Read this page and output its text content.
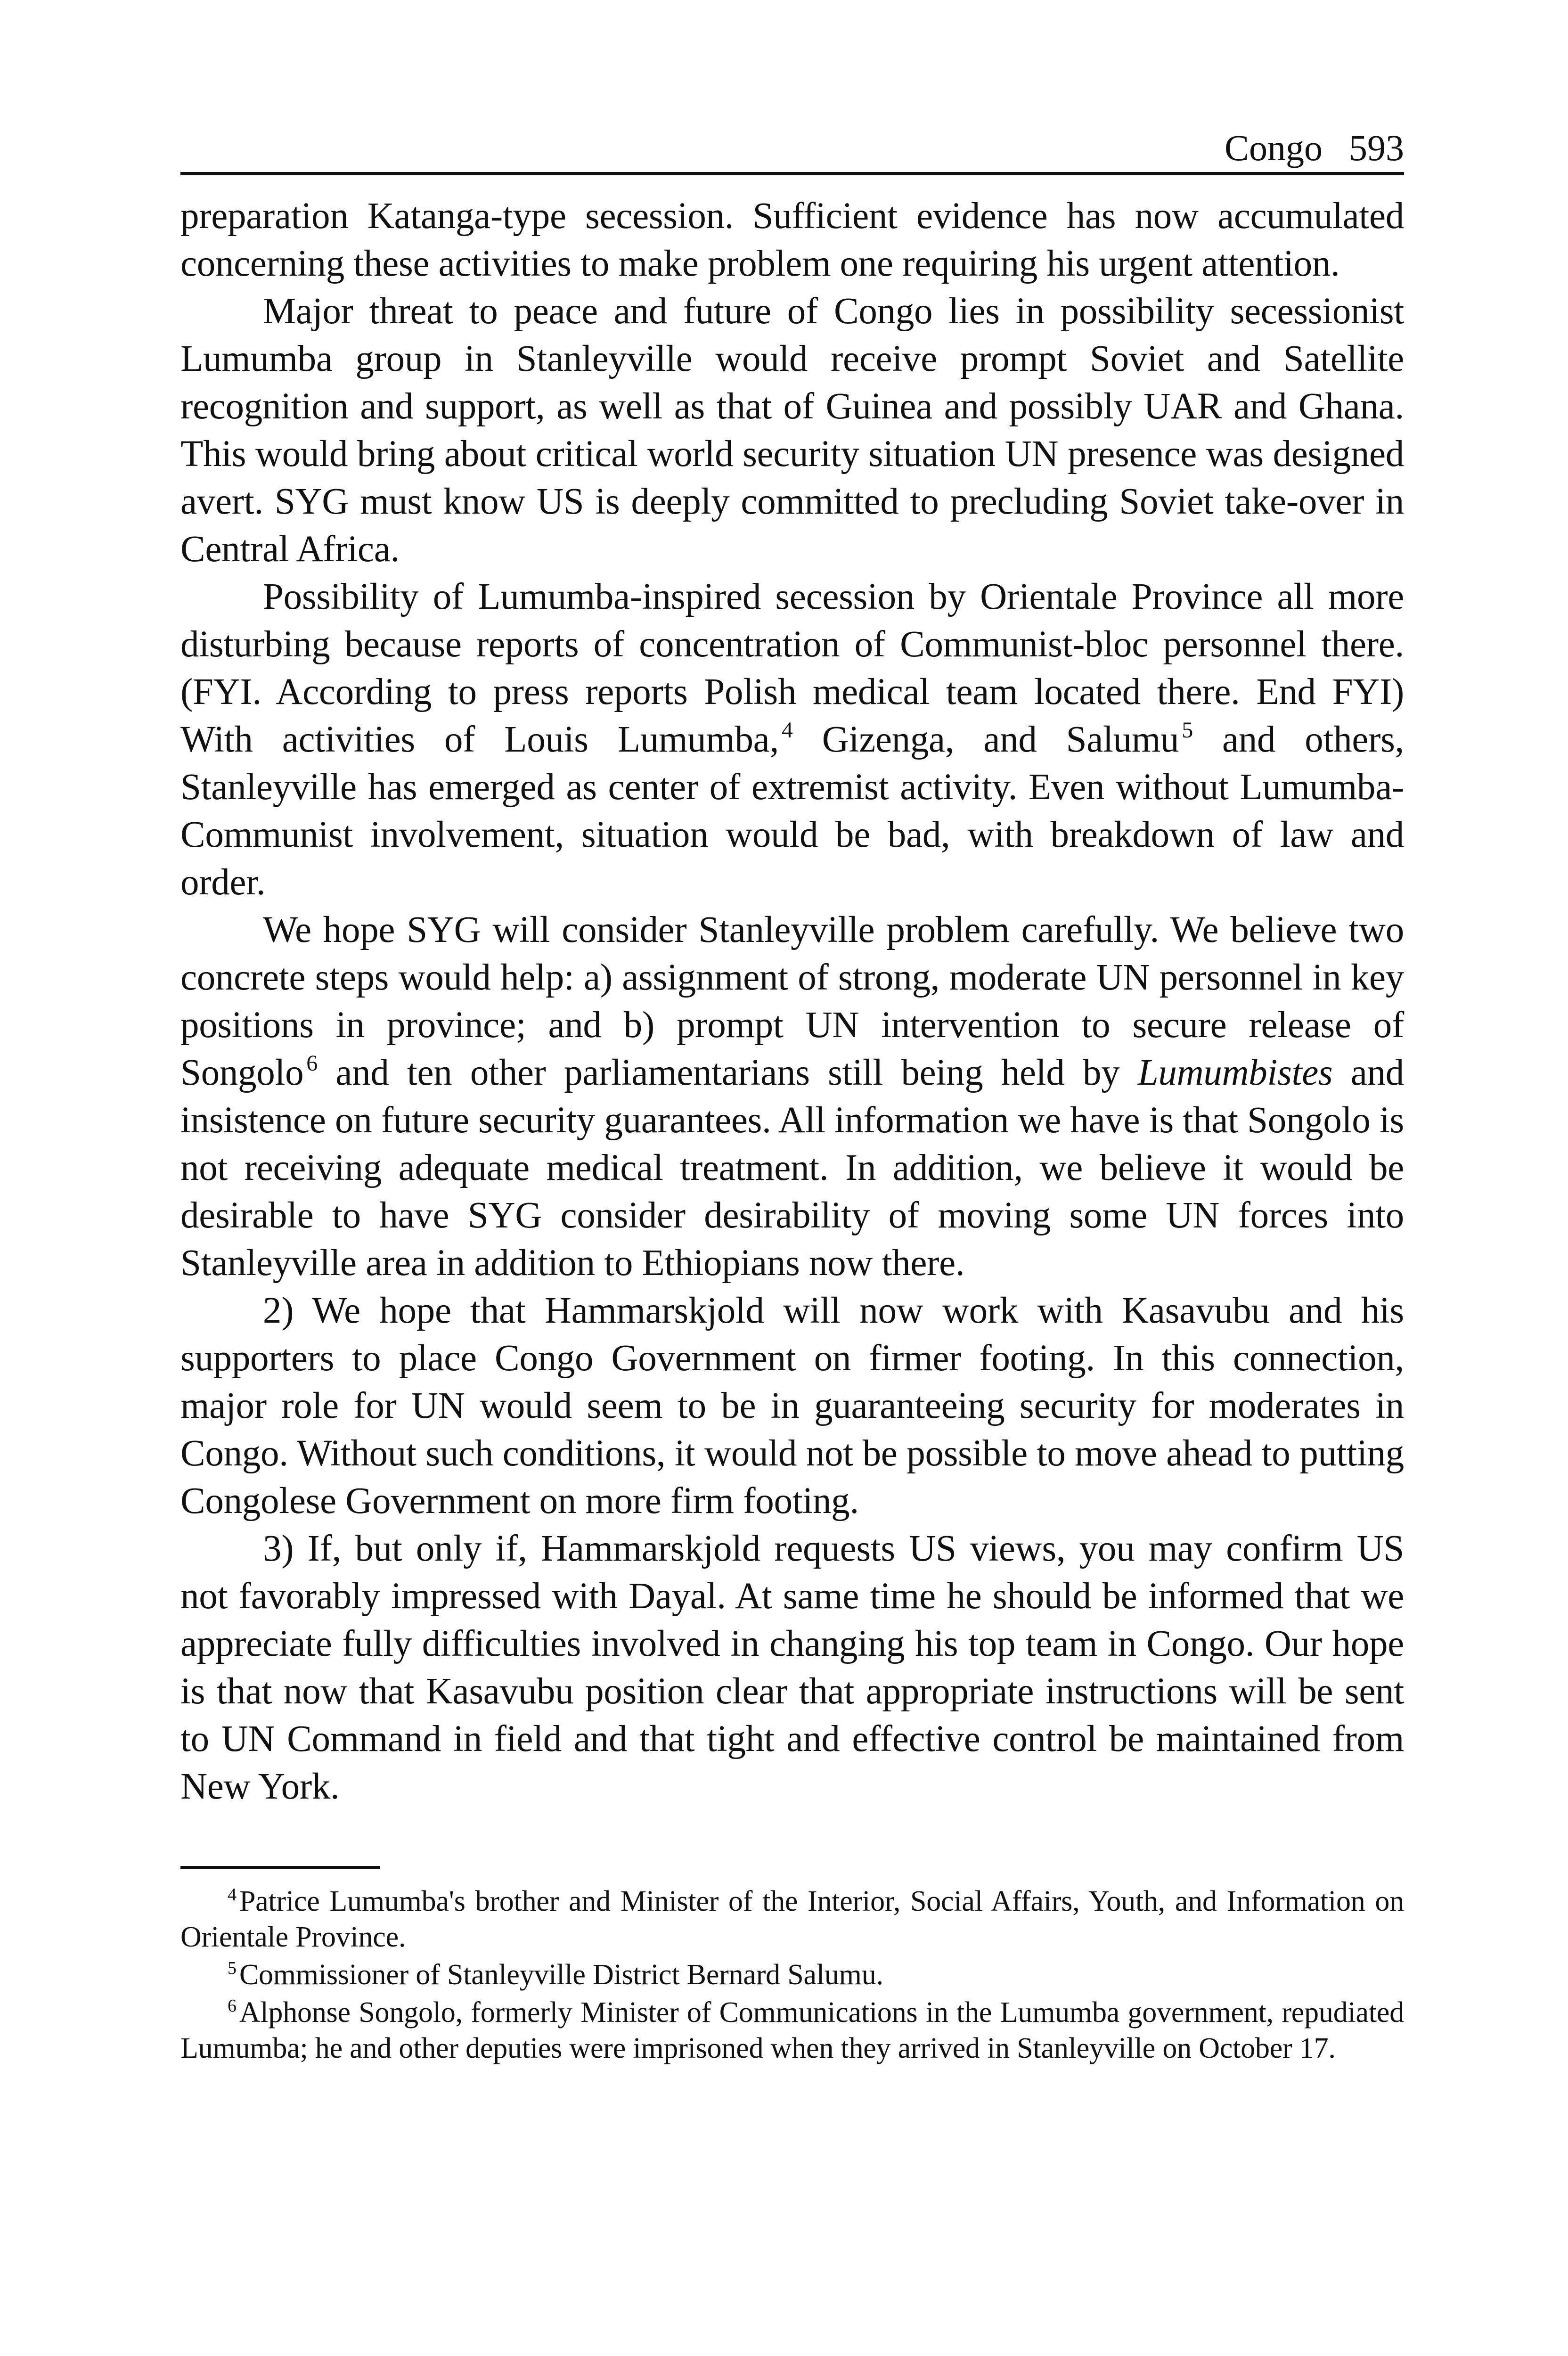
Congo 593

preparation Katanga-type secession. Sufficient evidence has now accumulated concerning these activities to make problem one requiring his urgent attention.

Major threat to peace and future of Congo lies in possibility secessionist Lumumba group in Stanleyville would receive prompt Soviet and Satellite recognition and support, as well as that of Guinea and possibly UAR and Ghana. This would bring about critical world security situation UN presence was designed avert. SYG must know US is deeply committed to precluding Soviet take-over in Central Africa.

Possibility of Lumumba-inspired secession by Orientale Province all more disturbing because reports of concentration of Communist-bloc personnel there. (FYI. According to press reports Polish medical team located there. End FYI) With activities of Louis Lumumba, $^4$ Gizenga, and Salumu $^5$ and others, Stanleyville has emerged as center of extremist activity. Even without Lumumba-Communist involvement, situation would be bad, with breakdown of law and order.

We hope SYG will consider Stanleyville problem carefully. We believe two concrete steps would help: a) assignment of strong, moderate UN personnel in key positions in province; and b) prompt UN intervention to secure release of Songolo $^6$ and ten other parliamentarians still being held by Lumumbistes and insistence on future security guarantees. All information we have is that Songolo is not receiving adequate medical treatment. In addition, we believe it would be desirable to have SYG consider desirability of moving some UN forces into Stanleyville area in addition to Ethiopians now there.

2) We hope that Hammarskjold will now work with Kasavubu and his supporters to place Congo Government on firmer footing. In this connection, major role for UN would seem to be in guaranteeing security for moderates in Congo. Without such conditions, it would not be possible to move ahead to putting Congolese Government on more firm footing.

3) If, but only if, Hammarskjold requests US views, you may confirm US not favorably impressed with Dayal. At same time he should be informed that we appreciate fully difficulties involved in changing his top team in Congo. Our hope is that now that Kasavubu position clear that appropriate instructions will be sent to UN Command in field and that tight and effective control be maintained from New York.

$^4$Patrice Lumumba's brother and Minister of the Interior, Social Affairs, Youth, and Information on Orientale Province.

$^5$Commissioner of Stanleyville District Bernard Salumu.

$^6$Alphonse Songolo, formerly Minister of Communications in the Lumumba government, repudiated Lumumba; he and other deputies were imprisoned when they arrived in Stanleyville on October 17.
